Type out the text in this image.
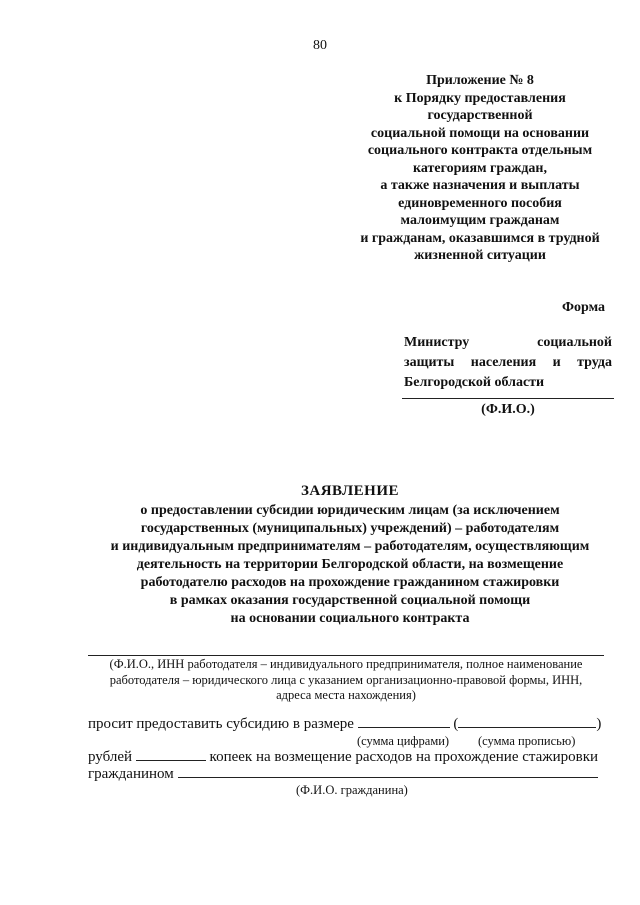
80
Приложение № 8
к Порядку предоставления
государственной
социальной помощи на основании
социального контракта отдельным
категориям граждан,
а также назначения и выплаты
единовременного пособия
малоимущим гражданам
и гражданам, оказавшимся в трудной
жизненной ситуации
Форма
Министру	социальной
защиты населения и труда
Белгородской области
(Ф.И.О.)
ЗАЯВЛЕНИЕ
о предоставлении субсидии юридическим лицам (за исключением
государственных (муниципальных) учреждений) – работодателям
и индивидуальным предпринимателям – работодателям, осуществляющим
деятельность на территории Белгородской области, на возмещение
работодателю расходов на прохождение гражданином стажировки
в рамках оказания государственной социальной помощи
на основании социального контракта
(Ф.И.О., ИНН работодателя – индивидуального предпринимателя, полное наименование
работодателя – юридического лица с указанием организационно-правовой формы, ИНН,
адреса места нахождения)
просит предоставить субсидию в размере	(	)
(сумма цифрами) (сумма прописью)
рублей	копеек на возмещение расходов на прохождение стажировки
гражданином
(Ф.И.О. гражданина)
